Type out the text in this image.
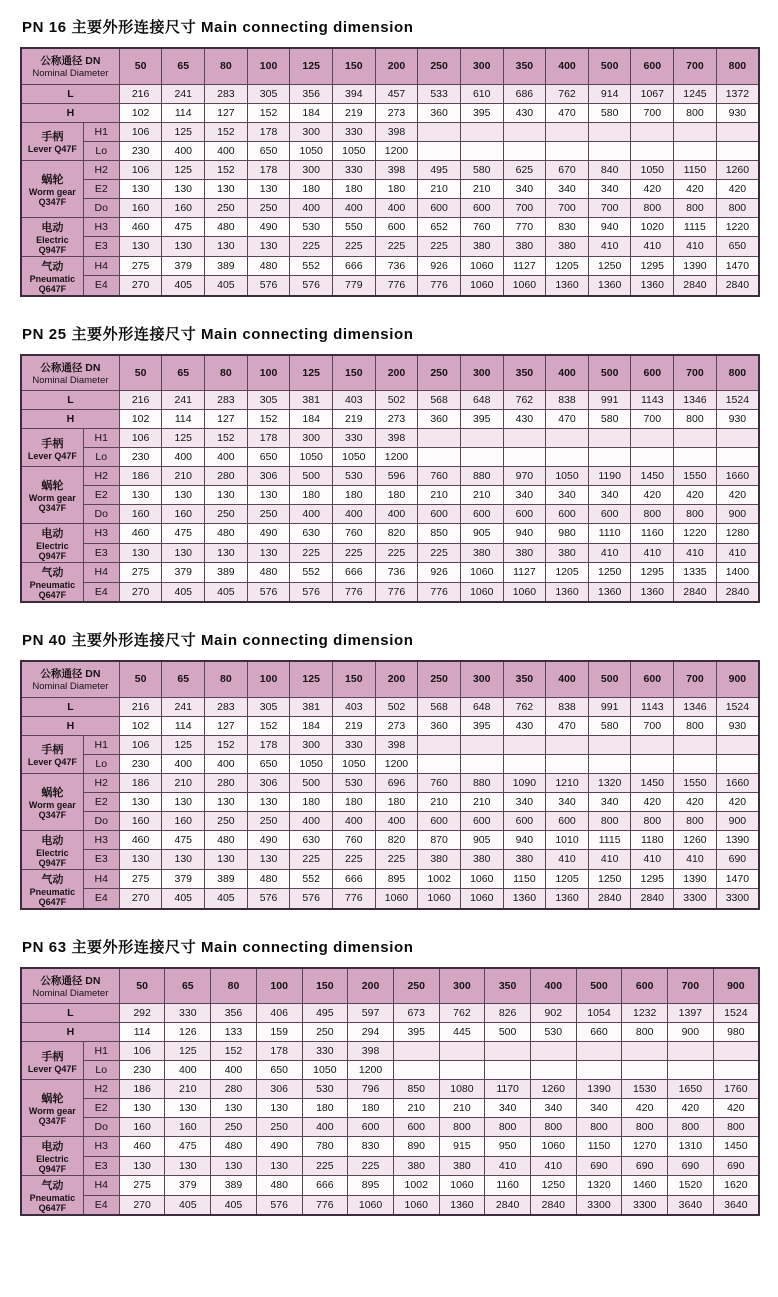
PN 16 主要外形连接尺寸 Main connecting dimension
公称通径 DN
Nominal Diameter		50	65	80	100	125	150	200	250	300	350	400	500	600	700	800
L		216	241	283	305	356	394	457	533	610	686	762	914	1067	1245	1372
H		102	114	127	152	184	219	273	360	395	430	470	580	700	800	930

手柄
Lever Q47F	H1	106	125	152	178	300	330	398								
	Lo	230	400	400	650	1050	1050	1200								

蜗轮
Worm gear
Q347F	H2	106	125	152	178	300	330	398	495	580	625	670	840	1050	1150	1260
	E2	130	130	130	130	180	180	180	210	210	340	340	340	420	420	420
	Do	160	160	250	250	400	400	400	600	600	700	700	700	800	800	800

电动
Electric
Q947F	H3	460	475	480	490	530	550	600	652	760	770	830	940	1020	1115	1220
	E3	130	130	130	130	225	225	225	225	380	380	380	410	410	410	650

气动
Pneumatic
Q647F	H4	275	379	389	480	552	666	736	926	1060	1127	1205	1250	1295	1390	1470
	E4	270	405	405	576	576	779	776	776	1060	1060	1360	1360	1360	2840	2840
PN 25 主要外形连接尺寸 Main connecting dimension
公称通径 DN
Nominal Diameter		50	65	80	100	125	150	200	250	300	350	400	500	600	700	800
L		216	241	283	305	381	403	502	568	648	762	838	991	1143	1346	1524
H		102	114	127	152	184	219	273	360	395	430	470	580	700	800	930

手柄
Lever Q47F	H1	106	125	152	178	300	330	398								
	Lo	230	400	400	650	1050	1050	1200								

蜗轮
Worm gear
Q347F	H2	186	210	280	306	500	530	596	760	880	970	1050	1190	1450	1550	1660
	E2	130	130	130	130	180	180	180	210	210	340	340	340	420	420	420
	Do	160	160	250	250	400	400	400	600	600	600	600	600	800	800	900

电动
Electric
Q947F	H3	460	475	480	490	630	760	820	850	905	940	980	1110	1160	1220	1280
	E3	130	130	130	130	225	225	225	225	380	380	380	410	410	410	410

气动
Pneumatic
Q647F	H4	275	379	389	480	552	666	736	926	1060	1127	1205	1250	1295	1335	1400
	E4	270	405	405	576	576	776	776	776	1060	1060	1360	1360	1360	2840	2840
PN 40 主要外形连接尺寸 Main connecting dimension
公称通径 DN
Nominal Diameter		50	65	80	100	125	150	200	250	300	350	400	500	600	700	900
L		216	241	283	305	381	403	502	568	648	762	838	991	1143	1346	1524
H		102	114	127	152	184	219	273	360	395	430	470	580	700	800	930

手柄
Lever Q47F	H1	106	125	152	178	300	330	398								
	Lo	230	400	400	650	1050	1050	1200								

蜗轮
Worm gear
Q347F	H2	186	210	280	306	500	530	696	760	880	1090	1210	1320	1450	1550	1660
	E2	130	130	130	130	180	180	180	210	210	340	340	340	420	420	420
	Do	160	160	250	250	400	400	400	600	600	600	600	800	800	800	900

电动
Electric
Q947F	H3	460	475	480	490	630	760	820	870	905	940	1010	1115	1180	1260	1390
	E3	130	130	130	130	225	225	225	380	380	380	410	410	410	410	690

气动
Pneumatic
Q647F	H4	275	379	389	480	552	666	895	1002	1060	1150	1205	1250	1295	1390	1470
	E4	270	405	405	576	576	776	1060	1060	1060	1360	1360	2840	2840	3300	3300
PN 63 主要外形连接尺寸 Main connecting dimension
公称通径 DN
Nominal Diameter		50	65	80	100	150	200	250	300	350	400	500	600	700	900
L		292	330	356	406	495	597	673	762	826	902	1054	1232	1397	1524
H		114	126	133	159	250	294	395	445	500	530	660	800	900	980

手柄
Lever Q47F	H1	106	125	152	178	330	398								
	Lo	230	400	400	650	1050	1200								

蜗轮
Worm gear
Q347F	H2	186	210	280	306	530	796	850	1080	1170	1260	1390	1530	1650	1760
	E2	130	130	130	130	180	180	210	210	340	340	340	420	420	420
	Do	160	160	250	250	400	600	600	800	800	800	800	800	800	800

电动
Electric
Q947F	H3	460	475	480	490	780	830	890	915	950	1060	1150	1270	1310	1450
	E3	130	130	130	130	225	225	380	380	410	410	690	690	690	690

气动
Pneumatic
Q647F	H4	275	379	389	480	666	895	1002	1060	1160	1250	1320	1460	1520	1620
	E4	270	405	405	576	776	1060	1060	1360	2840	2840	3300	3300	3640	3640
